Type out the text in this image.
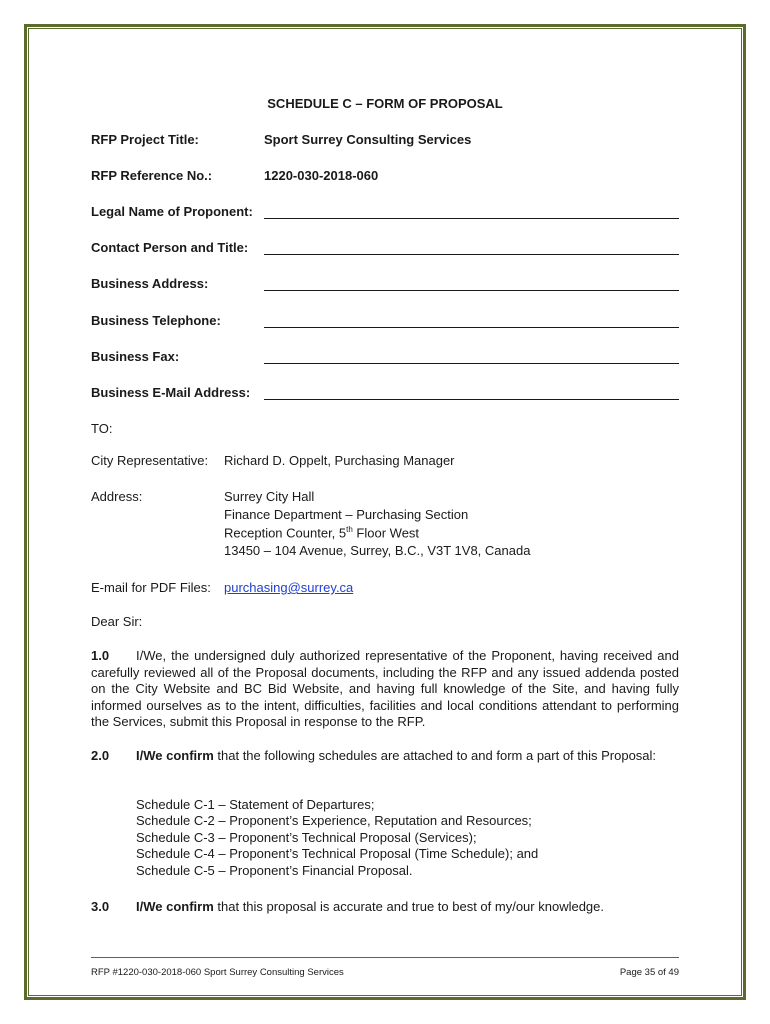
SCHEDULE C – FORM OF PROPOSAL
RFP Project Title:	Sport Surrey Consulting Services
RFP Reference No.:	1220-030-2018-060
Legal Name of Proponent:
Contact Person and Title:
Business Address:
Business Telephone:
Business Fax:
Business E-Mail Address:
TO:
City Representative: Richard D. Oppelt, Purchasing Manager
Address:	Surrey City Hall
Finance Department – Purchasing Section
Reception Counter, 5th Floor West
13450 – 104 Avenue, Surrey, B.C., V3T 1V8, Canada
E-mail for PDF Files: purchasing@surrey.ca
Dear Sir:
1.0 I/We, the undersigned duly authorized representative of the Proponent, having received and carefully reviewed all of the Proposal documents, including the RFP and any issued addenda posted on the City Website and BC Bid Website, and having full knowledge of the Site, and having fully informed ourselves as to the intent, difficulties, facilities and local conditions attendant to performing the Services, submit this Proposal in response to the RFP.
2.0 I/We confirm that the following schedules are attached to and form a part of this Proposal:
Schedule C-1 – Statement of Departures;
Schedule C-2 – Proponent’s Experience, Reputation and Resources;
Schedule C-3 – Proponent’s Technical Proposal (Services);
Schedule C-4 – Proponent’s Technical Proposal (Time Schedule); and
Schedule C-5 – Proponent’s Financial Proposal.
3.0 I/We confirm that this proposal is accurate and true to best of my/our knowledge.
RFP #1220-030-2018-060 Sport Surrey Consulting Services	Page 35 of 49
